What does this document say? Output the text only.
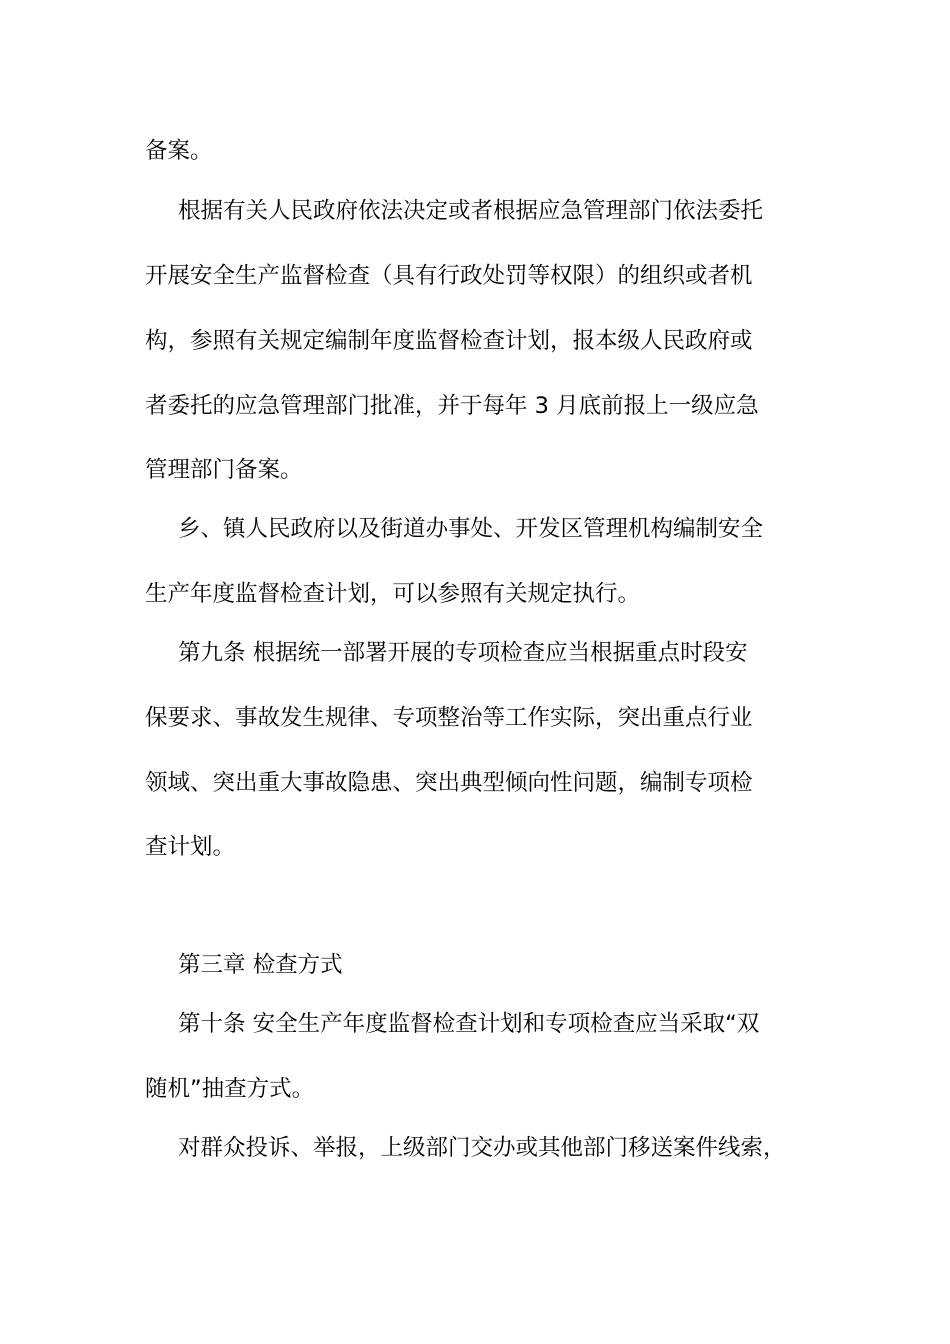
备案。
根据有关人民政府依法决定或者根据应急管理部门依法委托
开展安全生产监督检查（具有行政处罚等权限）的组织或者机
构，参照有关规定编制年度监督检查计划，报本级人民政府或
者委托的应急管理部门批准，并于每年 3 月底前报上一级应急
管理部门备案。
乡、镇人民政府以及街道办事处、开发区管理机构编制安全
生产年度监督检查计划，可以参照有关规定执行。
第九条 根据统一部署开展的专项检查应当根据重点时段安
保要求、事故发生规律、专项整治等工作实际，突出重点行业
领域、突出重大事故隐患、突出典型倾向性问题，编制专项检
查计划。
第三章 检查方式
第十条 安全生产年度监督检查计划和专项检查应当采取“双
随机”抽查方式。
对群众投诉、举报，上级部门交办或其他部门移送案件线索，
